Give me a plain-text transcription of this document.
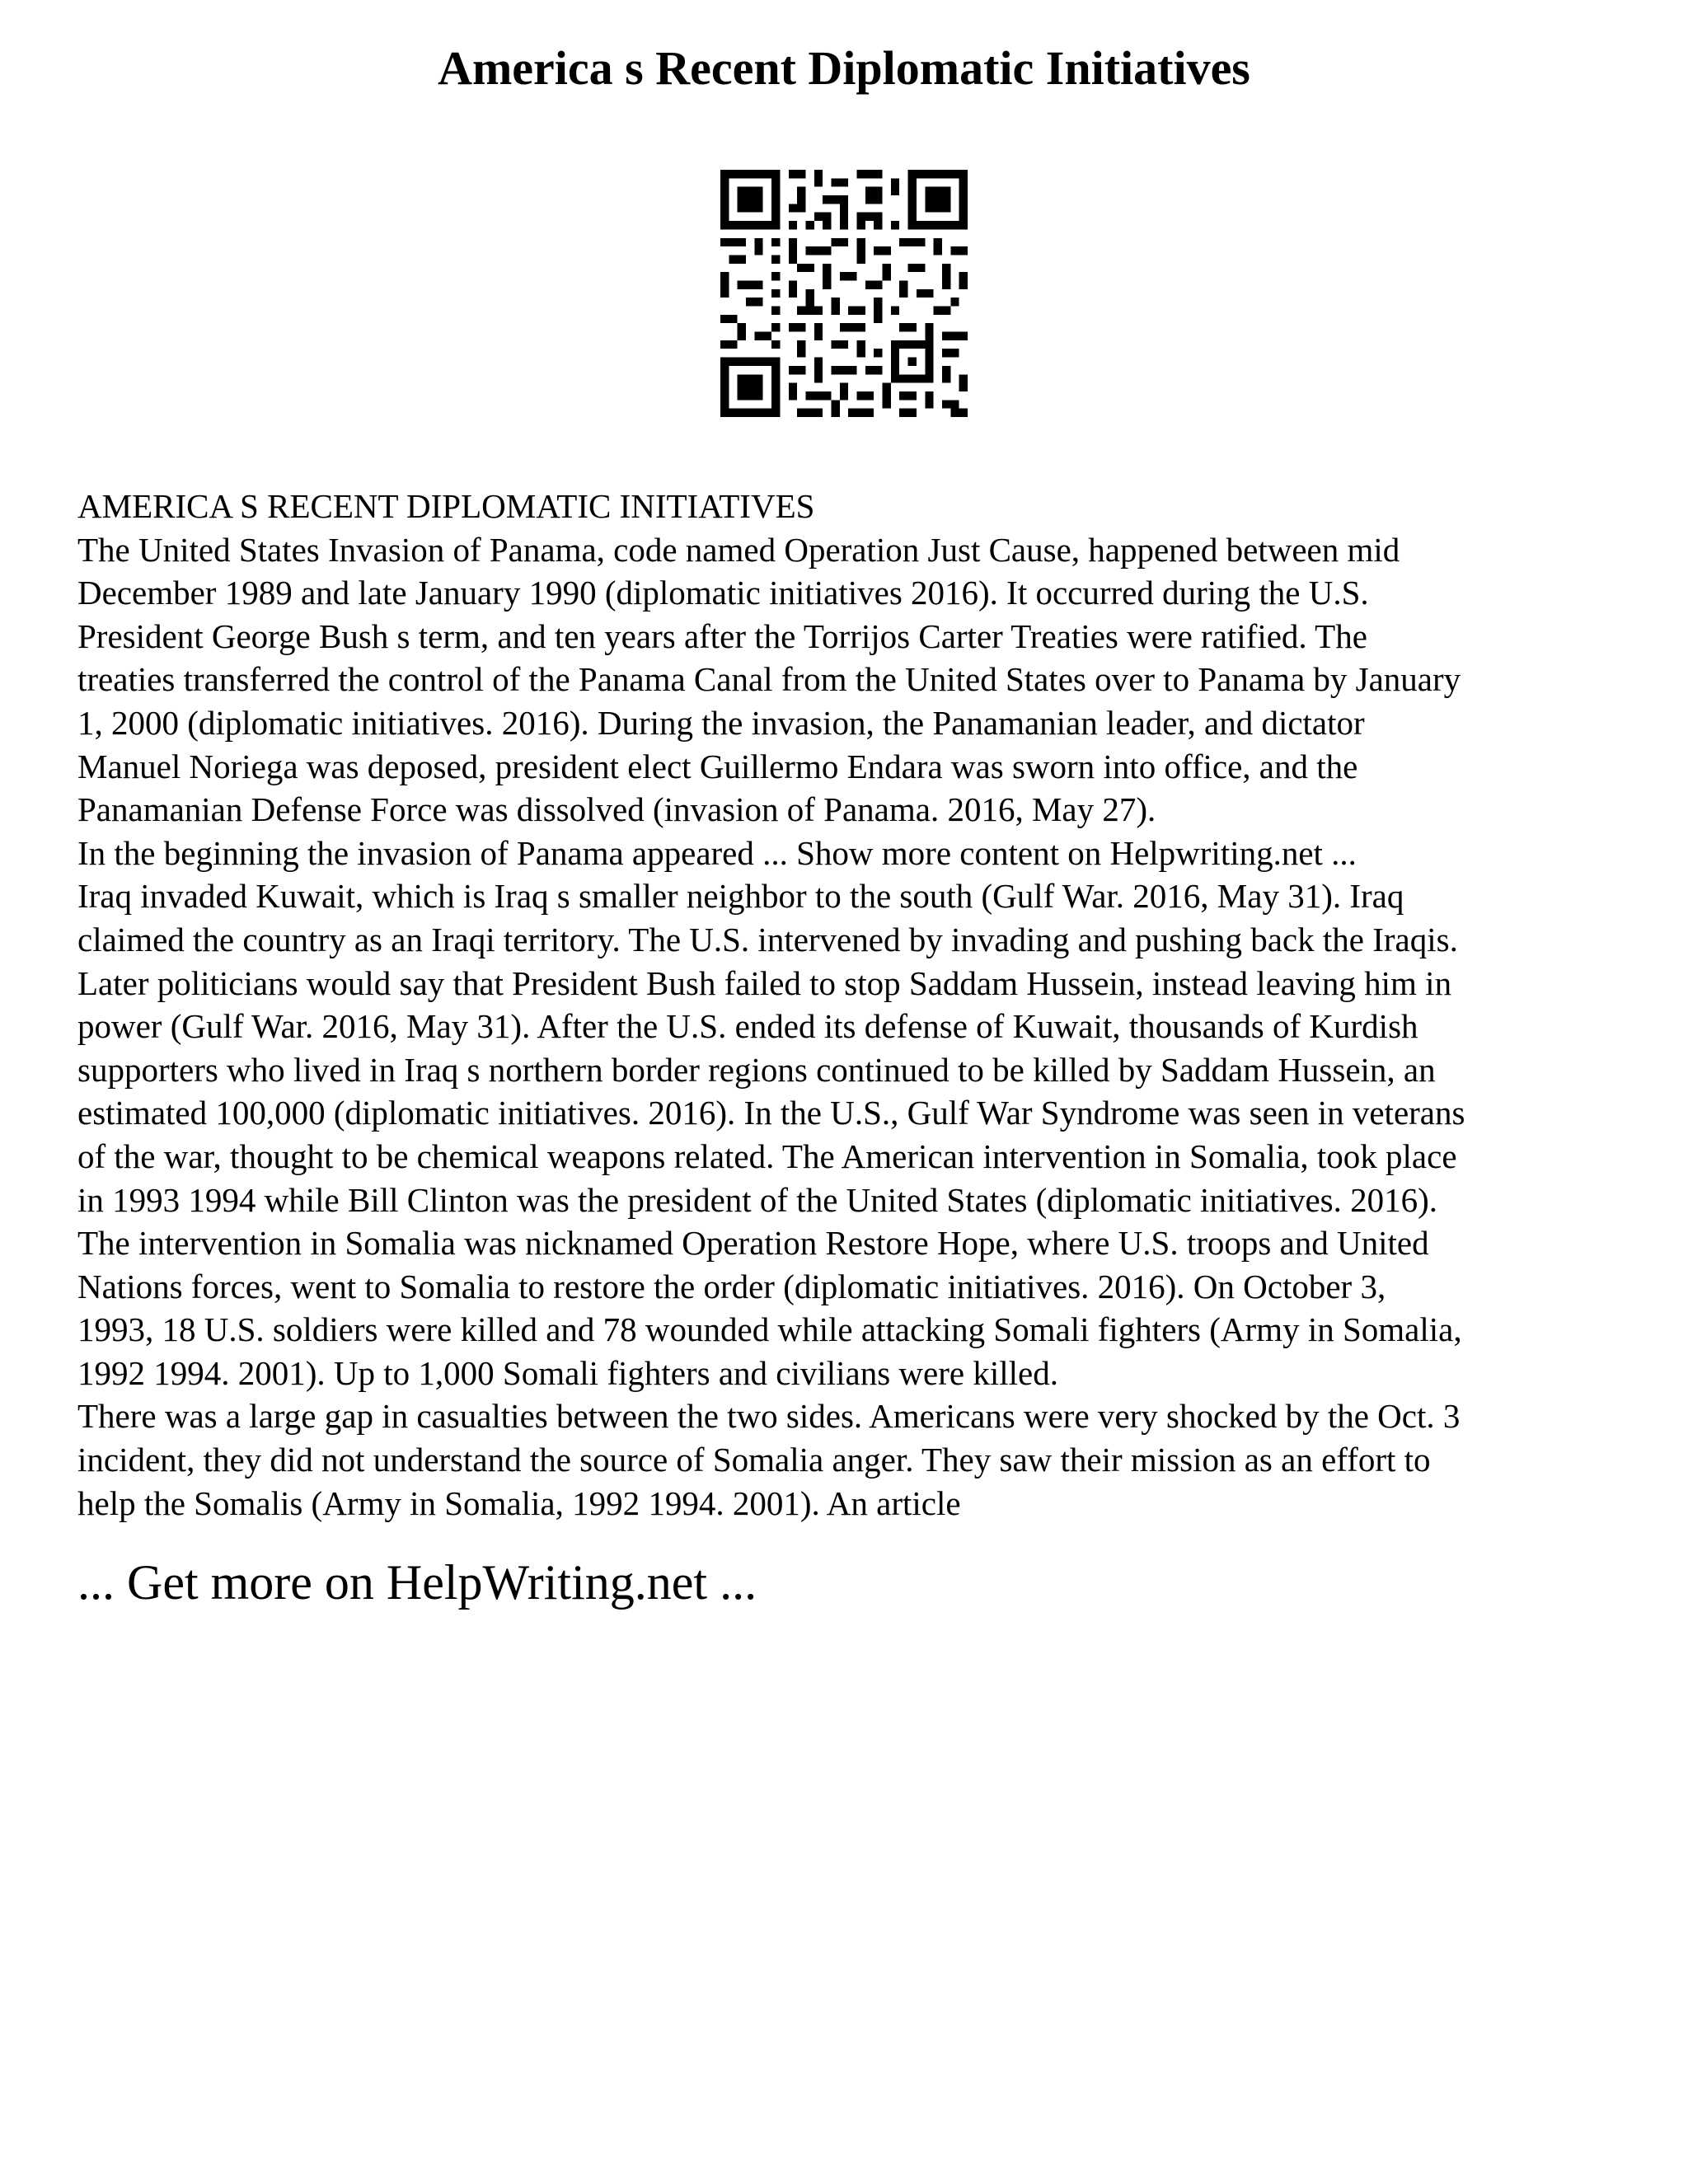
America s Recent Diplomatic Initiatives
AMERICA S RECENT DIPLOMATIC INITIATIVES
The United States Invasion of Panama, code named Operation Just Cause, happened between mid
December 1989 and late January 1990 (diplomatic initiatives 2016). It occurred during the U.S.
President George Bush s term, and ten years after the Torrijos Carter Treaties were ratified. The
treaties transferred the control of the Panama Canal from the United States over to Panama by January
1, 2000 (diplomatic initiatives. 2016). During the invasion, the Panamanian leader, and dictator
Manuel Noriega was deposed, president elect Guillermo Endara was sworn into office, and the
Panamanian Defense Force was dissolved (invasion of Panama. 2016, May 27).
In the beginning the invasion of Panama appeared ... Show more content on Helpwriting.net ...
Iraq invaded Kuwait, which is Iraq s smaller neighbor to the south (Gulf War. 2016, May 31). Iraq
claimed the country as an Iraqi territory. The U.S. intervened by invading and pushing back the Iraqis.
Later politicians would say that President Bush failed to stop Saddam Hussein, instead leaving him in
power (Gulf War. 2016, May 31). After the U.S. ended its defense of Kuwait, thousands of Kurdish
supporters who lived in Iraq s northern border regions continued to be killed by Saddam Hussein, an
estimated 100,000 (diplomatic initiatives. 2016). In the U.S., Gulf War Syndrome was seen in veterans
of the war, thought to be chemical weapons related. The American intervention in Somalia, took place
in 1993 1994 while Bill Clinton was the president of the United States (diplomatic initiatives. 2016).
The intervention in Somalia was nicknamed Operation Restore Hope, where U.S. troops and United
Nations forces, went to Somalia to restore the order (diplomatic initiatives. 2016). On October 3,
1993, 18 U.S. soldiers were killed and 78 wounded while attacking Somali fighters (Army in Somalia,
1992 1994. 2001). Up to 1,000 Somali fighters and civilians were killed.
There was a large gap in casualties between the two sides. Americans were very shocked by the Oct. 3
incident, they did not understand the source of Somalia anger. They saw their mission as an effort to
help the Somalis (Army in Somalia, 1992 1994. 2001). An article
... Get more on HelpWriting.net ...
